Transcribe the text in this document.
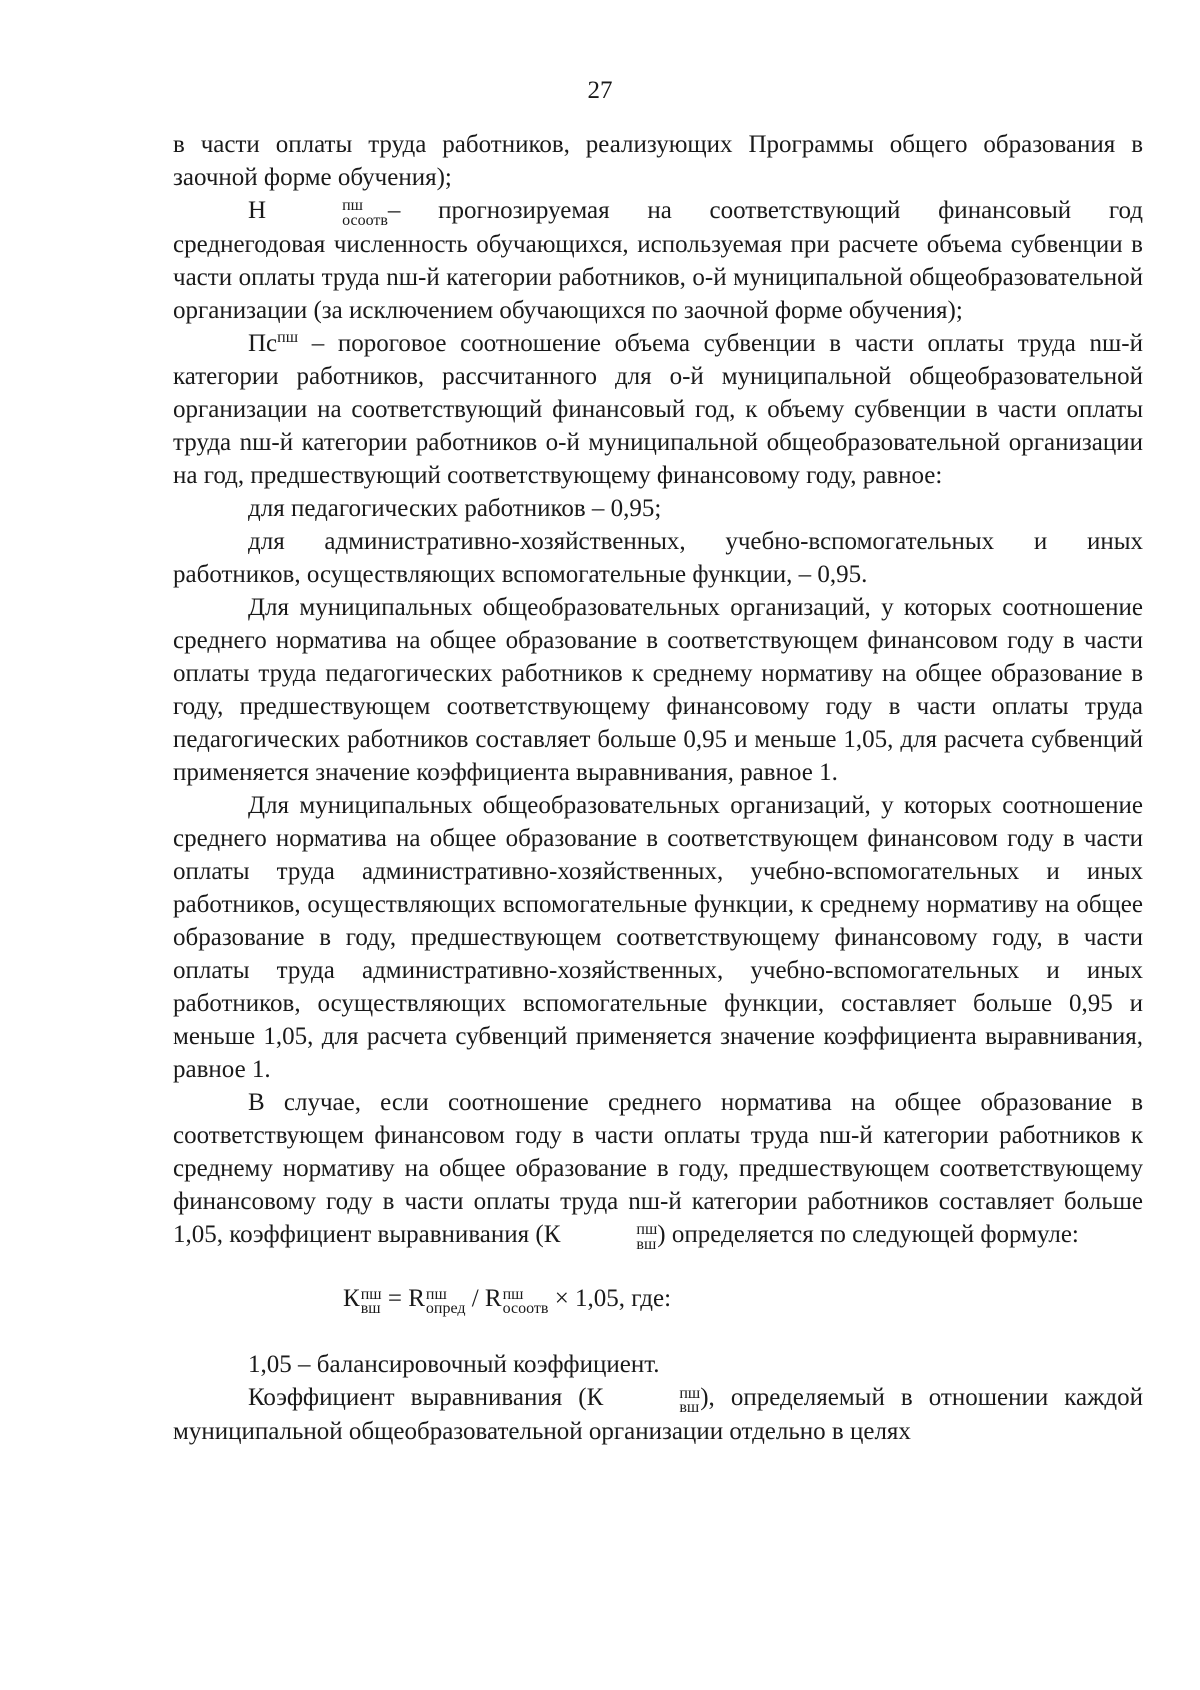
27

в части оплаты труда работников, реализующих Программы общего образования в заочной форме обучения);

Н	пш
осоотв – прогнозируемая на соответствующий финансовый год среднегодовая численность обучающихся, используемая при расчете объема субвенции в части оплаты труда nш-й категории работников, о-й муниципальной общеобразовательной организации (за исключением обучающихся по заочной форме обучения);

$Пс^{пш}$ – пороговое соотношение объема субвенции в части оплаты труда nш-й категории работников, рассчитанного для о-й муниципальной общеобразовательной организации на соответствующий финансовый год, к объему субвенции в части оплаты труда nш-й категории работников о-й муниципальной общеобразовательной организации на год, предшествующий соответствующему финансовому году, равное:

для педагогических работников – 0,95;

для административно-хозяйственных, учебно-вспомогательных и иных работников, осуществляющих вспомогательные функции, – 0,95.

Для муниципальных общеобразовательных организаций, у которых соотношение среднего норматива на общее образование в соответствующем финансовом году в части оплаты труда педагогических работников к среднему нормативу на общее образование в году, предшествующем соответствующему финансовому году в части оплаты труда педагогических работников составляет больше 0,95 и меньше 1,05, для расчета субвенций применяется значение коэффициента выравнивания, равное 1.

Для муниципальных общеобразовательных организаций, у которых соотношение среднего норматива на общее образование в соответствующем финансовом году в части оплаты труда административно-хозяйственных, учебно-вспомогательных и иных работников, осуществляющих вспомогательные функции, к среднему нормативу на общее образование в году, предшествующем соответствующему финансовому году, в части оплаты труда административно-хозяйственных, учебно-вспомогательных и иных работников, осуществляющих вспомогательные функции, составляет больше 0,95 и меньше 1,05, для расчета субвенций применяется значение коэффициента выравнивания, равное 1.

В случае, если соотношение среднего норматива на общее образование в соответствующем финансовом году в части оплаты труда nш-й категории работников к среднему нормативу на общее образование в году, предшествующем соответствующему финансовому году в части оплаты труда nш-й категории работников составляет больше 1,05, коэффициент выравнивания (К	пш
вш ) определяется по следующей формуле:

К пш
вш = R пш
опред / R пш
осоотв × 1,05, где:

1,05 – балансировочный коэффициент.

Коэффициент выравнивания (К	пш
вш ), определяемый в отношении каждой муниципальной общеобразовательной организации отдельно в целях
